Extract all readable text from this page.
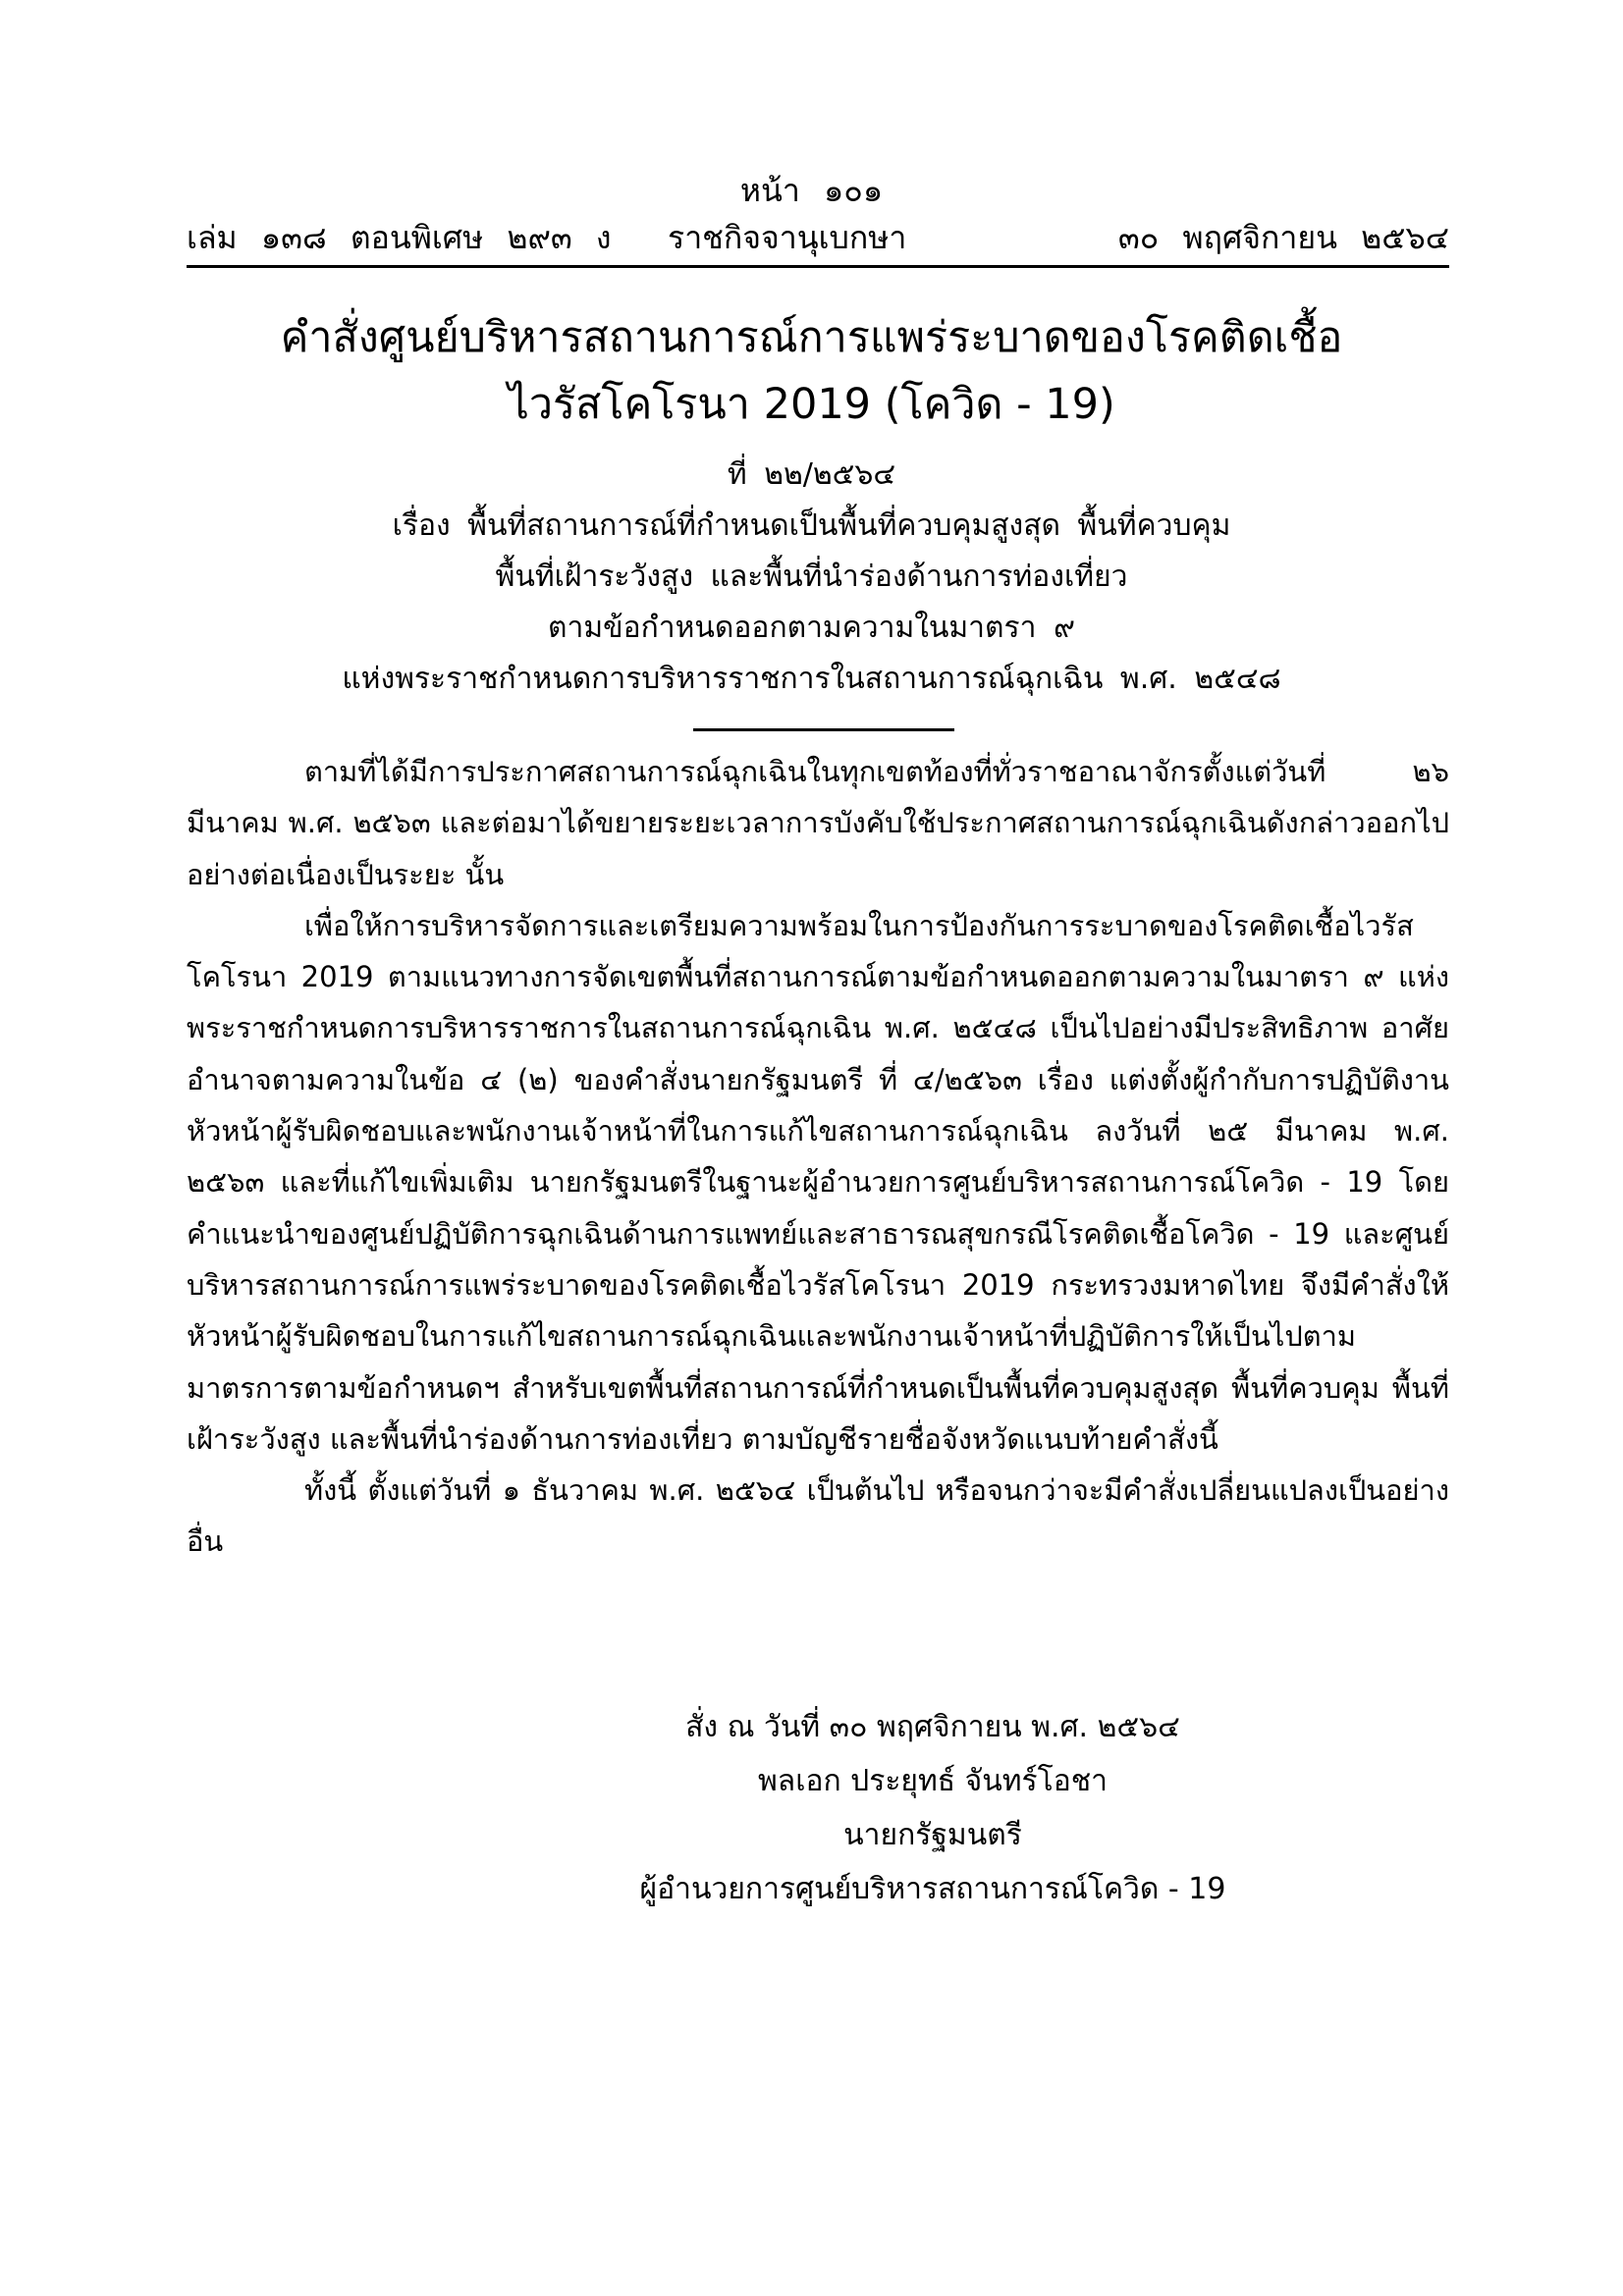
หน้า ๑๐๑
เล่ม ๑๓๘ ตอนพิเศษ ๒๙๓ ง ราชกิจจานุเบกษา	๓๐ พฤศจิกายน ๒๕๖๔
คำสั่งศูนย์บริหารสถานการณ์การแพร่ระบาดของโรคติดเชื้อ
ไวรัสโคโรนา 2019 (โควิด - 19)
ที่ ๒๒/๒๕๖๔
เรื่อง พื้นที่สถานการณ์ที่กำหนดเป็นพื้นที่ควบคุมสูงสุด พื้นที่ควบคุม
พื้นที่เฝ้าระวังสูง และพื้นที่นำร่องด้านการท่องเที่ยว
ตามข้อกำหนดออกตามความในมาตรา ๙
แห่งพระราชกำหนดการบริหารราชการในสถานการณ์ฉุกเฉิน พ.ศ. ๒๕๔๘

ตามที่ได้มีการประกาศสถานการณ์ฉุกเฉินในทุกเขตท้องที่ทั่วราชอาณาจักรตั้งแต่วันที่ ๒๖ มีนาคม พ.ศ. ๒๕๖๓ และต่อมาได้ขยายระยะเวลาการบังคับใช้ประกาศสถานการณ์ฉุกเฉินดังกล่าวออกไปอย่างต่อเนื่องเป็นระยะ นั้น

เพื่อให้การบริหารจัดการและเตรียมความพร้อมในการป้องกันการระบาดของโรคติดเชื้อไวรัสโคโรนา 2019 ตามแนวทางการจัดเขตพื้นที่สถานการณ์ตามข้อกำหนดออกตามความในมาตรา ๙ แห่งพระราชกำหนดการบริหารราชการในสถานการณ์ฉุกเฉิน พ.ศ. ๒๕๔๘ เป็นไปอย่างมีประสิทธิภาพ อาศัยอำนาจตามความในข้อ ๔ (๒) ของคำสั่งนายกรัฐมนตรี ที่ ๔/๒๕๖๓ เรื่อง แต่งตั้งผู้กำกับการปฏิบัติงาน หัวหน้าผู้รับผิดชอบและพนักงานเจ้าหน้าที่ในการแก้ไขสถานการณ์ฉุกเฉิน ลงวันที่ ๒๕ มีนาคม พ.ศ. ๒๕๖๓ และที่แก้ไขเพิ่มเติม นายกรัฐมนตรีในฐานะผู้อำนวยการศูนย์บริหารสถานการณ์โควิด - 19 โดยคำแนะนำของศูนย์ปฏิบัติการฉุกเฉินด้านการแพทย์และสาธารณสุขกรณีโรคติดเชื้อโควิด - 19 และศูนย์บริหารสถานการณ์การแพร่ระบาดของโรคติดเชื้อไวรัสโคโรนา 2019 กระทรวงมหาดไทย จึงมีคำสั่งให้หัวหน้าผู้รับผิดชอบในการแก้ไขสถานการณ์ฉุกเฉินและพนักงานเจ้าหน้าที่ปฏิบัติการให้เป็นไปตามมาตรการตามข้อกำหนดฯ สำหรับเขตพื้นที่สถานการณ์ที่กำหนดเป็นพื้นที่ควบคุมสูงสุด พื้นที่ควบคุม พื้นที่เฝ้าระวังสูง และพื้นที่นำร่องด้านการท่องเที่ยว ตามบัญชีรายชื่อจังหวัดแนบท้ายคำสั่งนี้

ทั้งนี้ ตั้งแต่วันที่ ๑ ธันวาคม พ.ศ. ๒๕๖๔ เป็นต้นไป หรือจนกว่าจะมีคำสั่งเปลี่ยนแปลงเป็นอย่างอื่น

สั่ง ณ วันที่ ๓๐ พฤศจิกายน พ.ศ. ๒๕๖๔
พลเอก ประยุทธ์ จันทร์โอชา
นายกรัฐมนตรี
ผู้อำนวยการศูนย์บริหารสถานการณ์โควิด - 19
